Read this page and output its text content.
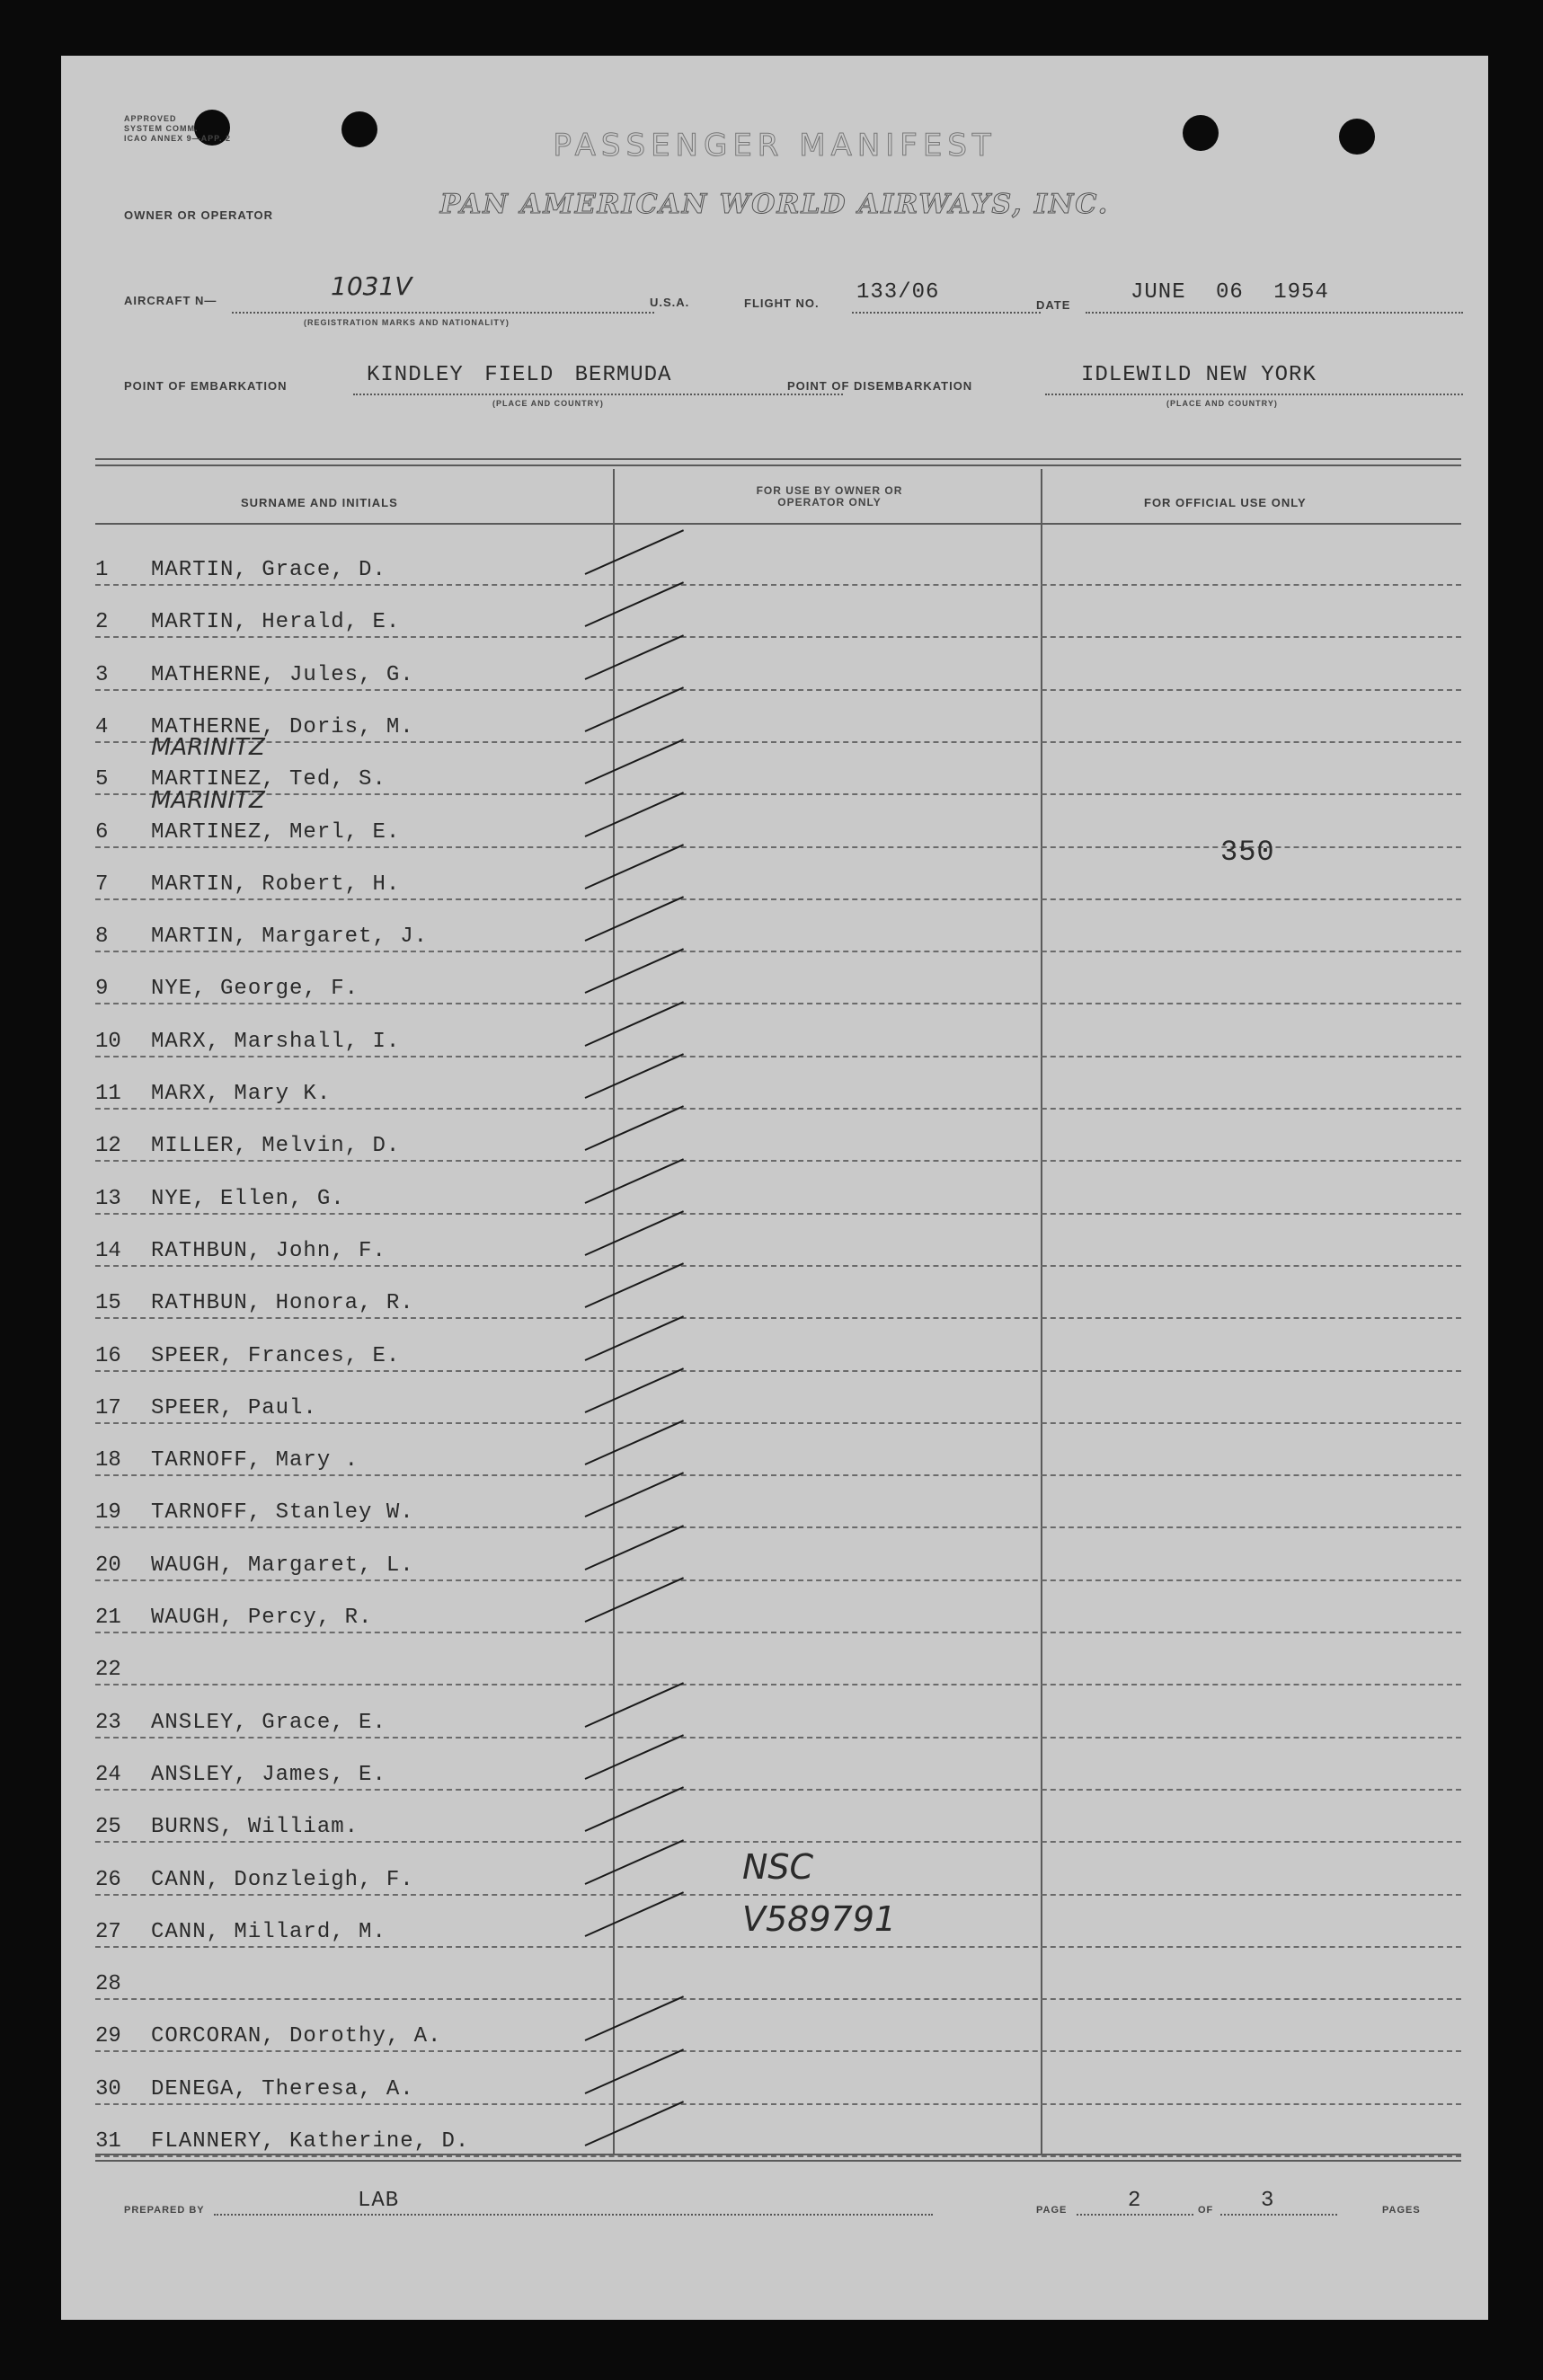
APPROVED
SYSTEM COMM.
ICAO ANNEX 9—APP. 2	PASSENGER MANIFEST
OWNER OR OPERATOR	PAN AMERICAN WORLD AIRWAYS, INC.
AIRCRAFT N—	1031V
(REGISTRATION MARKS AND NATIONALITY)
U.S.A.	FLIGHT NO. 133/06
DATE
JUNE 06 1954
POINT OF EMBARKATION	KINDLEY FIELD BERMUDA
(PLACE AND COUNTRY)
POINT OF DISEMBARKATION	IDLEWILD NEW YORK
(PLACE AND COUNTRY)
SURNAME AND INITIALS
FOR USE BY OWNER OR OPERATOR ONLY	FOR OFFICIAL USE ONLY
1 MARTIN, Grace, D.
2 MARTIN, Herald, E.
3 MATHERNE, Jules, G.
4 MATHERNE, Doris, M.
5 MARTINEZ, Ted, S.
MARINITZ
6 MARTINEZ, Merl, E.
MARINITZ
7 MARTIN, Robert, H.
8 MARTIN, Margaret, J.
9 NYE, George, F.
10 MARX, Marshall, I.
11 MARX, Mary K.
12 MILLER, Melvin, D.
13 NYE, Ellen, G.
14 RATHBUN, John, F.
15 RATHBUN, Honora, R.
16 SPEER, Frances, E.
17 SPEER, Paul.
18 TARNOFF, Mary .
19 TARNOFF, Stanley W.
20 WAUGH, Margaret, L.
21 WAUGH, Percy, R.
22
23 ANSLEY, Grace, E.
24 ANSLEY, James, E.
25 BURNS, William.
26 CANN, Donzleigh, F.	NSC
27 CANN, Millard, M.	V589791
28
29 CORCORAN, Dorothy, A.
30 DENEGA, Theresa, A.
31 FLANNERY, Katherine, D.
350
PREPARED BY	LAB	PAGE	2	OF 3	PAGES
